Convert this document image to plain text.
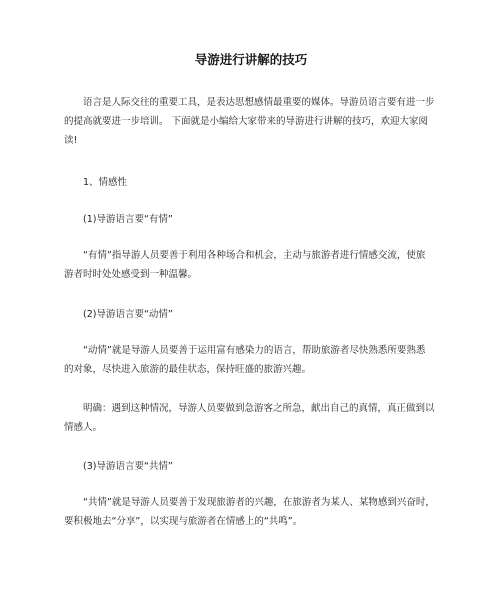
导游进行讲解的技巧
语言是人际交往的重要工具，是表达思想感情最重要的媒体。导游员语言要有进一步
的提高就要进一步培训。 下面就是小编给大家带来的导游进行讲解的技巧，欢迎大家阅
读!
1、情感性
(1)导游语言要“有情”
“有情”指导游人员要善于利用各种场合和机会，主动与旅游者进行情感交流，使旅
游者时时处处感受到一种温馨。
(2)导游语言要“动情”
“动情”就是导游人员要善于运用富有感染力的语言，帮助旅游者尽快熟悉所要熟悉
的对象，尽快进入旅游的最佳状态，保持旺盛的旅游兴趣。
明确：遇到这种情况，导游人员要做到急游客之所急，献出自己的真情，真正做到以
情感人。
(3)导游语言要“共情”
“共情”就是导游人员要善于发现旅游者的兴趣，在旅游者为某人、某物感到兴奋时，
要积极地去“分享”，以实现与旅游者在情感上的“共鸣”。
